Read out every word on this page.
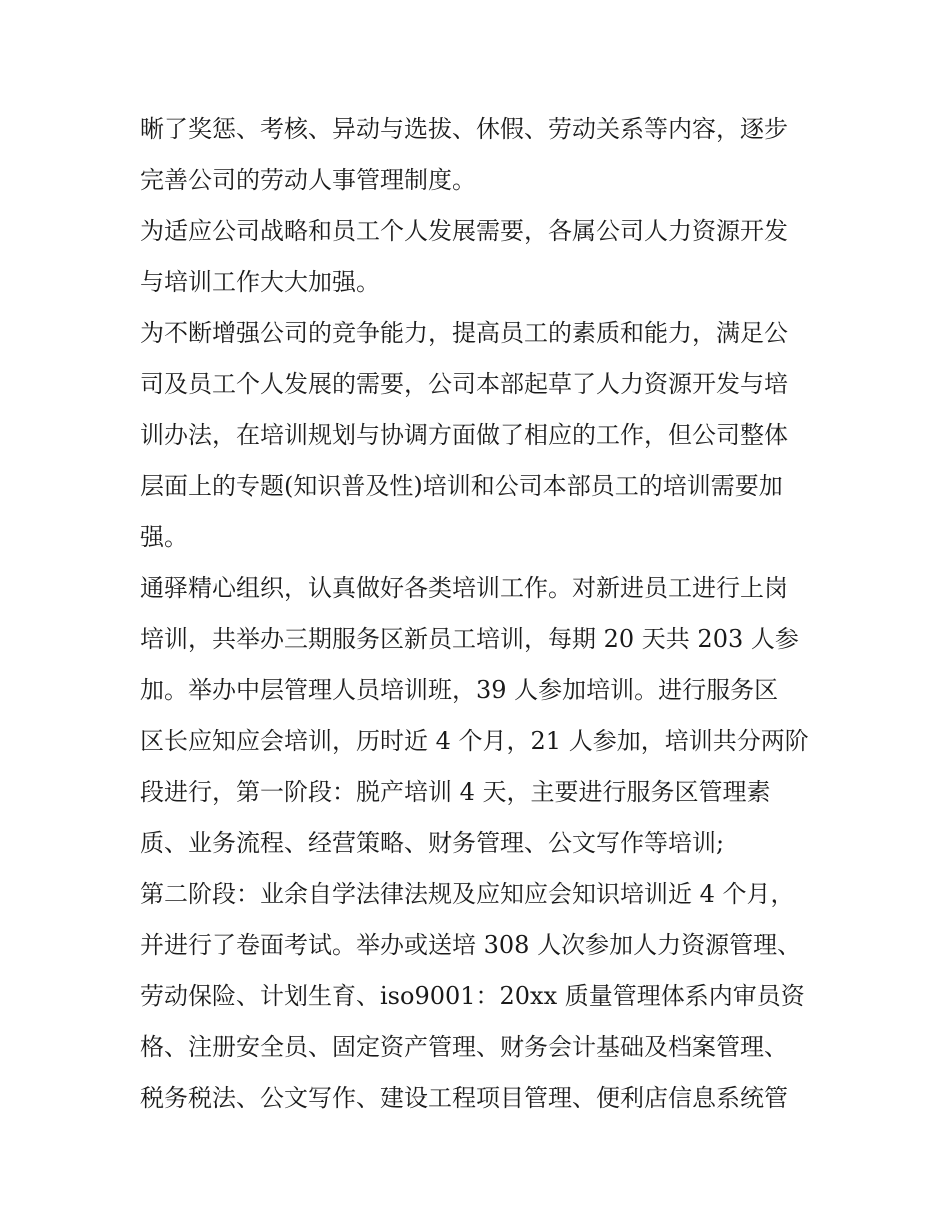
晰了奖惩、考核、异动与选拔、休假、劳动关系等内容，逐步
完善公司的劳动人事管理制度。
为适应公司战略和员工个人发展需要，各属公司人力资源开发
与培训工作大大加强。
为不断增强公司的竞争能力，提高员工的素质和能力，满足公
司及员工个人发展的需要，公司本部起草了人力资源开发与培
训办法，在培训规划与协调方面做了相应的工作，但公司整体
层面上的专题(知识普及性)培训和公司本部员工的培训需要加
强。
通驿精心组织，认真做好各类培训工作。对新进员工进行上岗
培训，共举办三期服务区新员工培训，每期 20 天共 203 人参
加。举办中层管理人员培训班，39 人参加培训。进行服务区
区长应知应会培训，历时近 4 个月，21 人参加，培训共分两阶
段进行，第一阶段：脱产培训 4 天，主要进行服务区管理素
质、业务流程、经营策略、财务管理、公文写作等培训;
第二阶段：业余自学法律法规及应知应会知识培训近 4 个月，
并进行了卷面考试。举办或送培 308 人次参加人力资源管理、
劳动保险、计划生育、iso9001：20xx 质量管理体系内审员资
格、注册安全员、固定资产管理、财务会计基础及档案管理、
税务税法、公文写作、建设工程项目管理、便利店信息系统管
